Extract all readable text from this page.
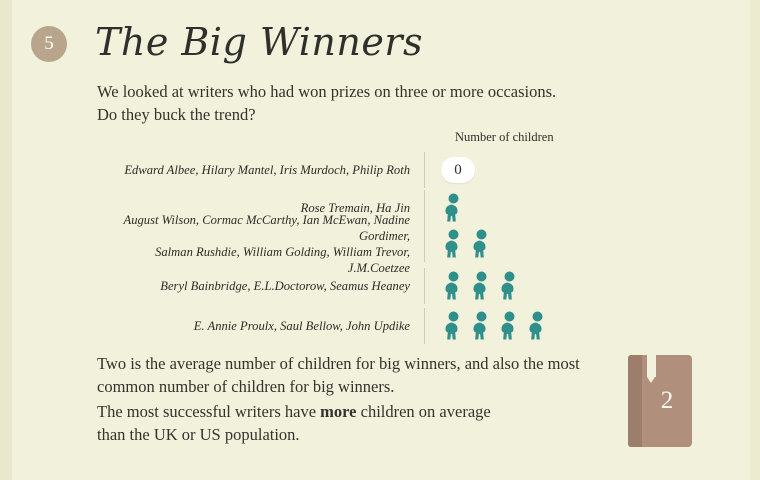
5	The Big Winners
We looked at writers who had won prizes on three or more occasions.
Do they buck the trend?
Number of children
Edward Albee, Hilary Mantel, Iris Murdoch, Philip Roth	0
Rose Tremain, Ha Jin
August Wilson, Cormac McCarthy, Ian McEwan, Nadine Gordimer,
Salman Rushdie, William Golding, William Trevor, J.M.Coetzee
Beryl Bainbridge, E.L.Doctorow, Seamus Heaney
E. Annie Proulx, Saul Bellow, John Updike
Two is the average number of children for big winners, and also the most
common number of children for big winners.
The most successful writers have more children on average
than the UK or US population.
2
